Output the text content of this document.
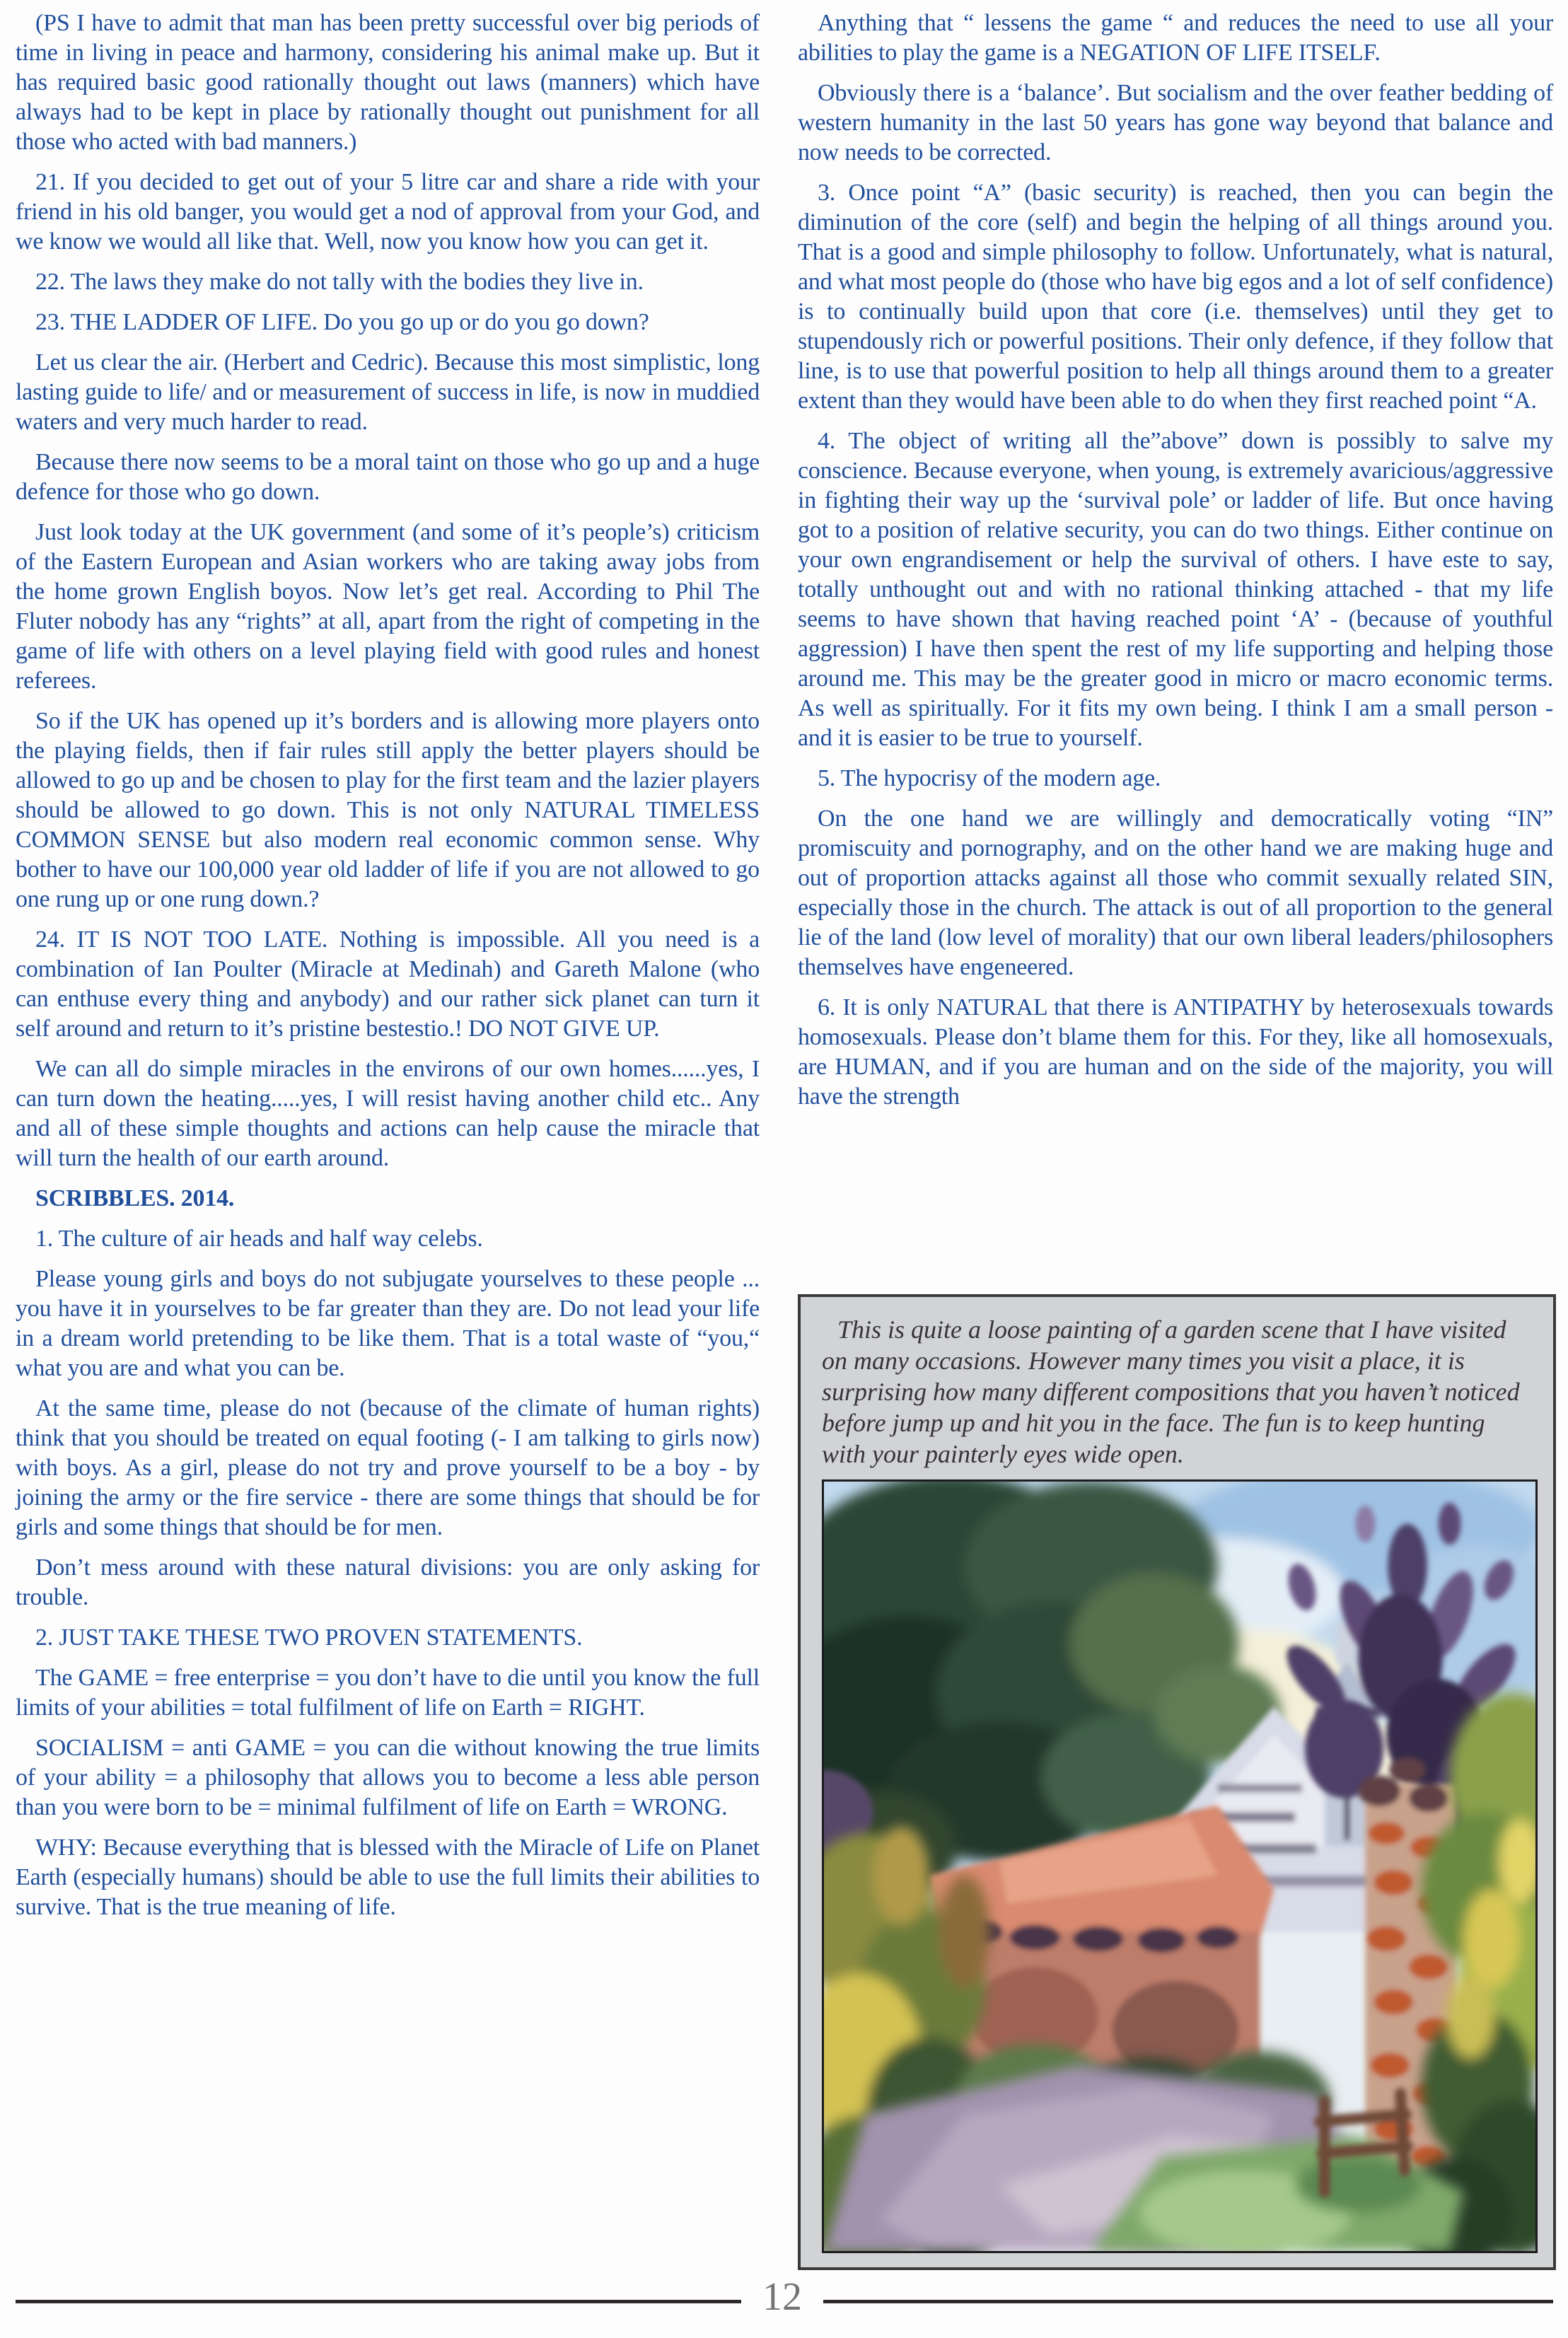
(PS I have to admit that man has been pretty successful over big periods of time in living in peace and harmony, considering his animal make up. But it has required basic good rationally thought out laws (manners) which have always had to be kept in place by rationally thought out punishment for all those who acted with bad manners.)

21. If you decided to get out of your 5 litre car and share a ride with your friend in his old banger, you would get a nod of approval from your God, and we know we would all like that. Well, now you know how you can get it.

22. The laws they make do not tally with the bodies they live in.

23. THE LADDER OF LIFE. Do you go up or do you go down?

Let us clear the air. (Herbert and Cedric). Because this most simplistic, long lasting guide to life/ and or measurement of success in life, is now in muddied waters and very much harder to read.

Because there now seems to be a moral taint on those who go up and a huge defence for those who go down.

Just look today at the UK government (and some of it’s people’s) criticism of the Eastern European and Asian workers who are taking away jobs from the home grown English boyos. Now let’s get real. According to Phil The Fluter nobody has any “rights” at all, apart from the right of competing in the game of life with others on a level playing field with good rules and honest referees.

So if the UK has opened up it’s borders and is allowing more players onto the playing fields, then if fair rules still apply the better players should be allowed to go up and be chosen to play for the first team and the lazier players should be allowed to go down. This is not only NATURAL TIMELESS COMMON SENSE but also modern real economic common sense. Why bother to have our 100,000 year old ladder of life if you are not allowed to go one rung up or one rung down.?

24. IT IS NOT TOO LATE. Nothing is impossible. All you need is a combination of Ian Poulter (Miracle at Medinah) and Gareth Malone (who can enthuse every thing and anybody) and our rather sick planet can turn it self around and return to it’s pristine bestestio.! DO NOT GIVE UP.

We can all do simple miracles in the environs of our own homes......yes, I can turn down the heating.....yes, I will resist having another child etc.. Any and all of these simple thoughts and actions can help cause the miracle that will turn the health of our earth around.

SCRIBBLES. 2014.

1. The culture of air heads and half way celebs.

Please young girls and boys do not subjugate yourselves to these people ... you have it in yourselves to be far greater than they are. Do not lead your life in a dream world pretending to be like them. That is a total waste of “you,“ what you are and what you can be.

At the same time, please do not (because of the climate of human rights) think that you should be treated on equal footing (- I am talking to girls now) with boys. As a girl, please do not try and prove yourself to be a boy - by joining the army or the fire service - there are some things that should be for girls and some things that should be for men.

Don’t mess around with these natural divisions: you are only asking for trouble.

2. JUST TAKE THESE TWO PROVEN STATEMENTS.

The GAME = free enterprise = you don’t have to die until you know the full limits of your abilities = total fulfilment of life on Earth = RIGHT.

SOCIALISM = anti GAME = you can die without knowing the true limits of your ability = a philosophy that allows you to become a less able person than you were born to be = minimal fulfilment of life on Earth = WRONG.

WHY: Because everything that is blessed with the Miracle of Life on Planet Earth (especially humans) should be able to use the full limits their abilities to survive. That is the true meaning of life.

Anything that “ lessens the game “ and reduces the need to use all your abilities to play the game is a NEGATION OF LIFE ITSELF.

Obviously there is a ‘balance’. But socialism and the over feather bedding of western humanity in the last 50 years has gone way beyond that balance and now needs to be corrected.

3. Once point “A” (basic security) is reached, then you can begin the diminution of the core (self) and begin the helping of all things around you. That is a good and simple philosophy to follow. Unfortunately, what is natural, and what most people do (those who have big egos and a lot of self confidence) is to continually build upon that core (i.e. themselves) until they get to stupendously rich or powerful positions. Their only defence, if they follow that line, is to use that powerful position to help all things around them to a greater extent than they would have been able to do when they first reached point “A.

4. The object of writing all the”above” down is possibly to salve my conscience. Because everyone, when young, is extremely avaricious/aggressive in fighting their way up the ‘survival pole’ or ladder of life. But once having got to a position of relative security, you can do two things. Either continue on your own engrandisement or help the survival of others. I have este to say, totally unthought out and with no rational thinking attached - that my life seems to have shown that having reached point ‘A’ - (because of youthful aggression) I have then spent the rest of my life supporting and helping those around me. This may be the greater good in micro or macro economic terms. As well as spiritually. For it fits my own being. I think I am a small person - and it is easier to be true to yourself.

5. The hypocrisy of the modern age.

On the one hand we are willingly and democratically voting “IN” promiscuity and pornography, and on the other hand we are making huge and out of proportion attacks against all those who commit sexually related SIN, especially those in the church. The attack is out of all proportion to the general lie of the land (low level of morality) that our own liberal leaders/philosophers themselves have engeneered.

6. It is only NATURAL that there is ANTIPATHY by heterosexuals towards homosexuals. Please don’t blame them for this. For they, like all homosexuals, are HUMAN, and if you are human and on the side of the majority, you will have the strength

This is quite a loose painting of a garden scene that I have visited on many occasions. However many times you visit a place, it is surprising how many different compositions that you haven’t noticed before jump up and hit you in the face. The fun is to keep hunting with your painterly eyes wide open.

12
